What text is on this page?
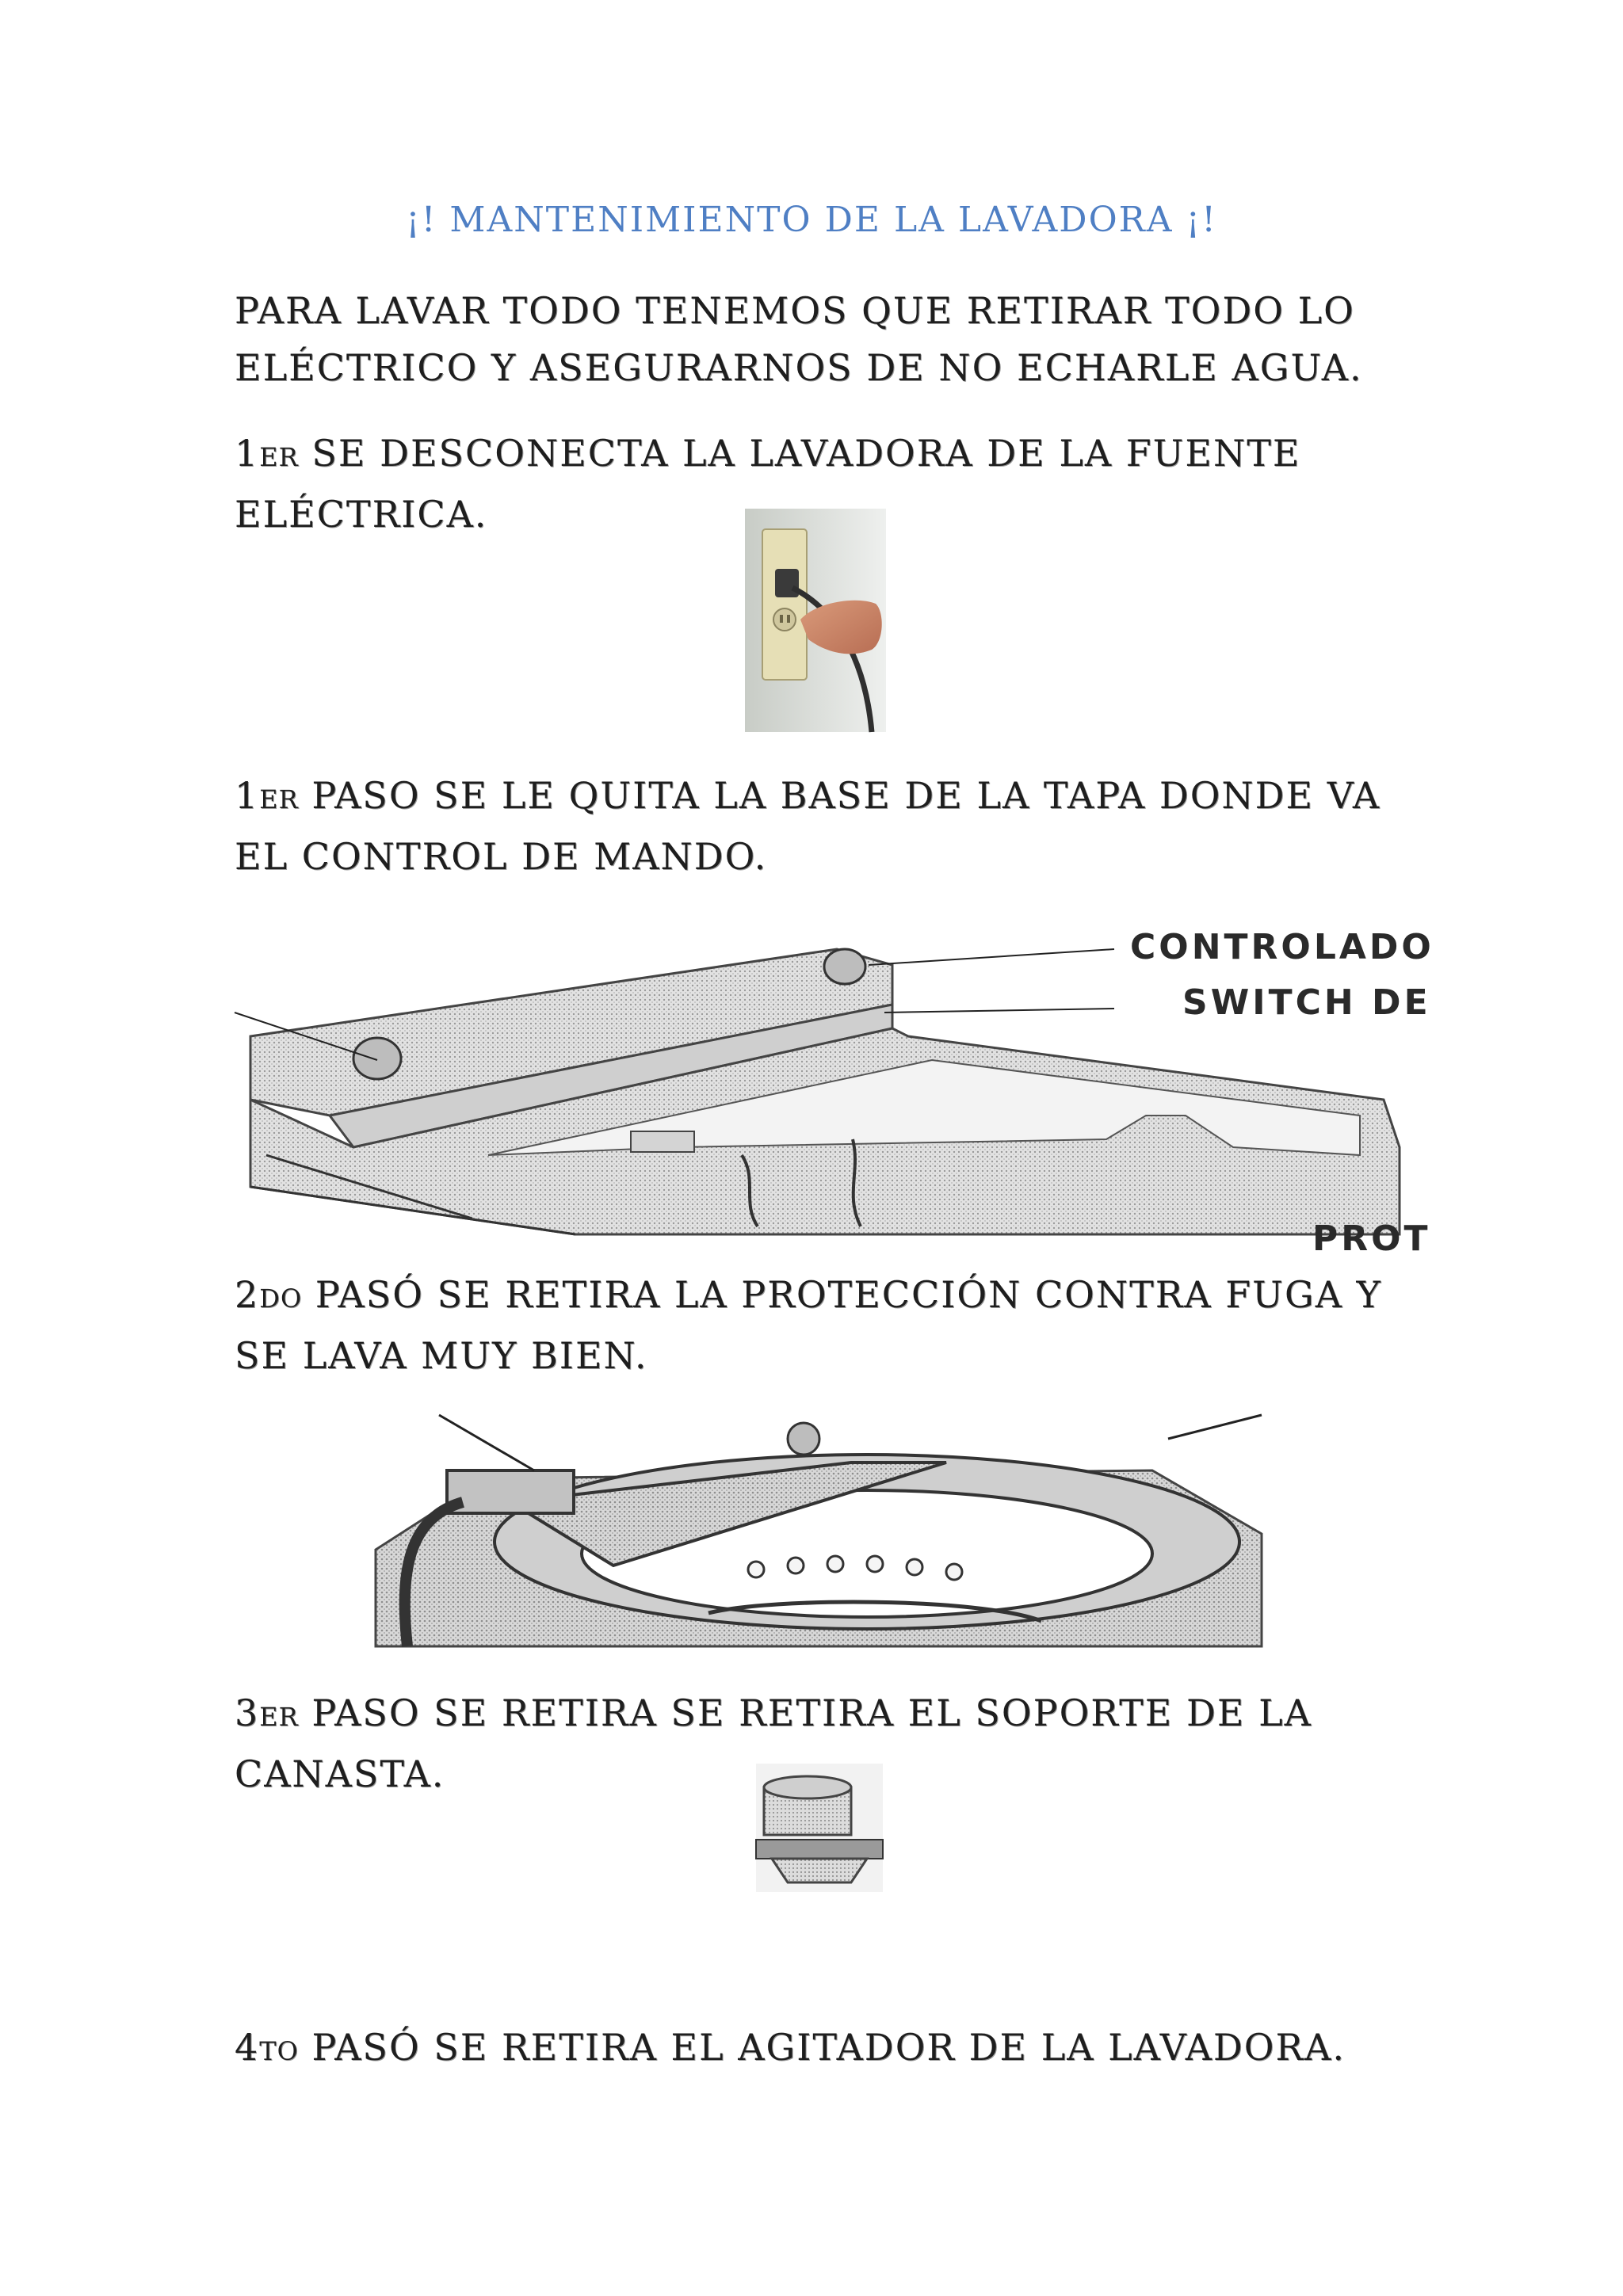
¡! MANTENIMIENTO DE LA LAVADORA ¡!
PARA LAVAR TODO TENEMOS QUE RETIRAR TODO LO ELÉCTRICO Y ASEGURARNOS DE NO ECHARLE AGUA.
1ER SE DESCONECTA LA LAVADORA DE LA FUENTE ELÉCTRICA.
1ER PASO SE LE QUITA LA BASE DE LA TAPA DONDE VA EL CONTROL DE MANDO.
CONTROLADO
SWITCH DE
PROT
2DO PASÓ SE RETIRA LA PROTECCIÓN CONTRA FUGA Y SE LAVA MUY BIEN.
3ER PASO SE RETIRA SE RETIRA EL SOPORTE DE LA CANASTA.
4TO PASÓ SE RETIRA EL AGITADOR DE LA LAVADORA.
